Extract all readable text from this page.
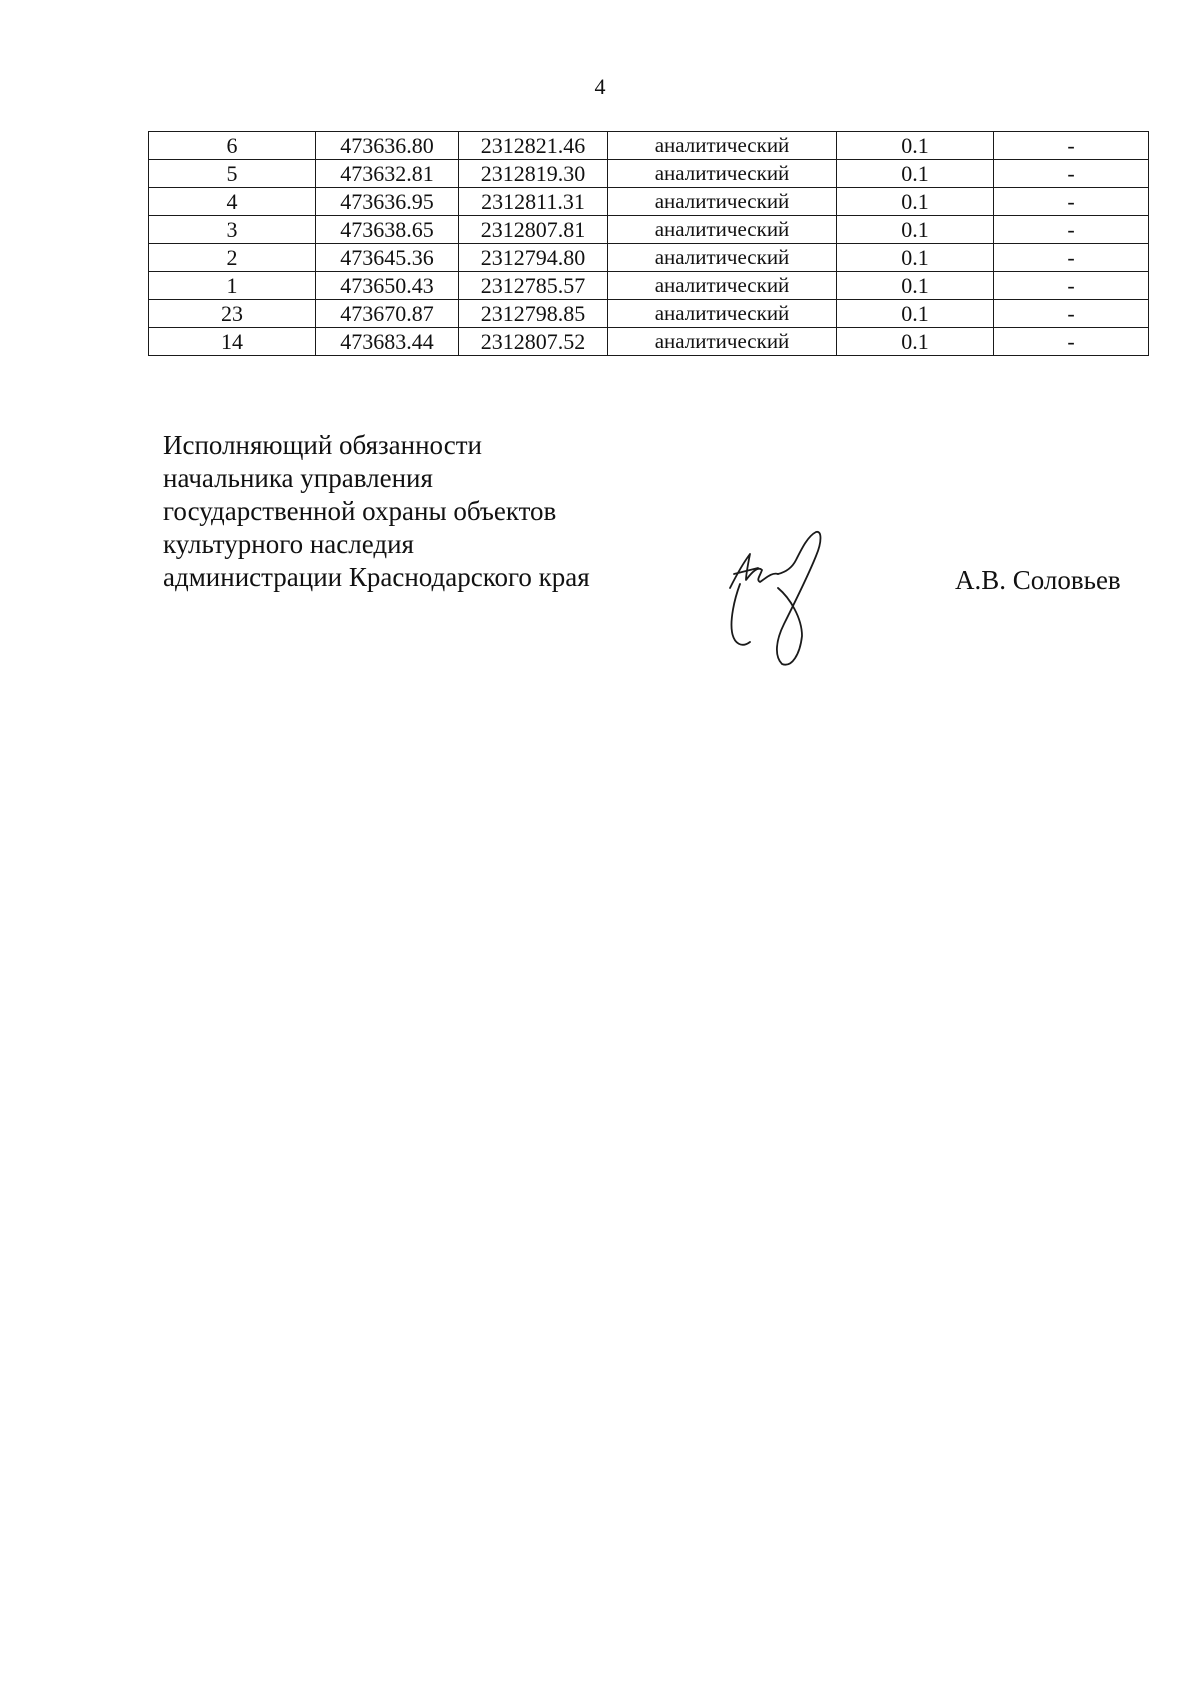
4
6	473636.80	2312821.46	аналитический	0.1	-
5	473632.81	2312819.30	аналитический	0.1	-
4	473636.95	2312811.31	аналитический	0.1	-
3	473638.65	2312807.81	аналитический	0.1	-
2	473645.36	2312794.80	аналитический	0.1	-
1	473650.43	2312785.57	аналитический	0.1	-
23	473670.87	2312798.85	аналитический	0.1	-
14	473683.44	2312807.52	аналитический	0.1	-
Исполняющий обязанности
начальника управления
государственной охраны объектов
культурного наследия
администрации Краснодарского края	А.В. Соловьев
